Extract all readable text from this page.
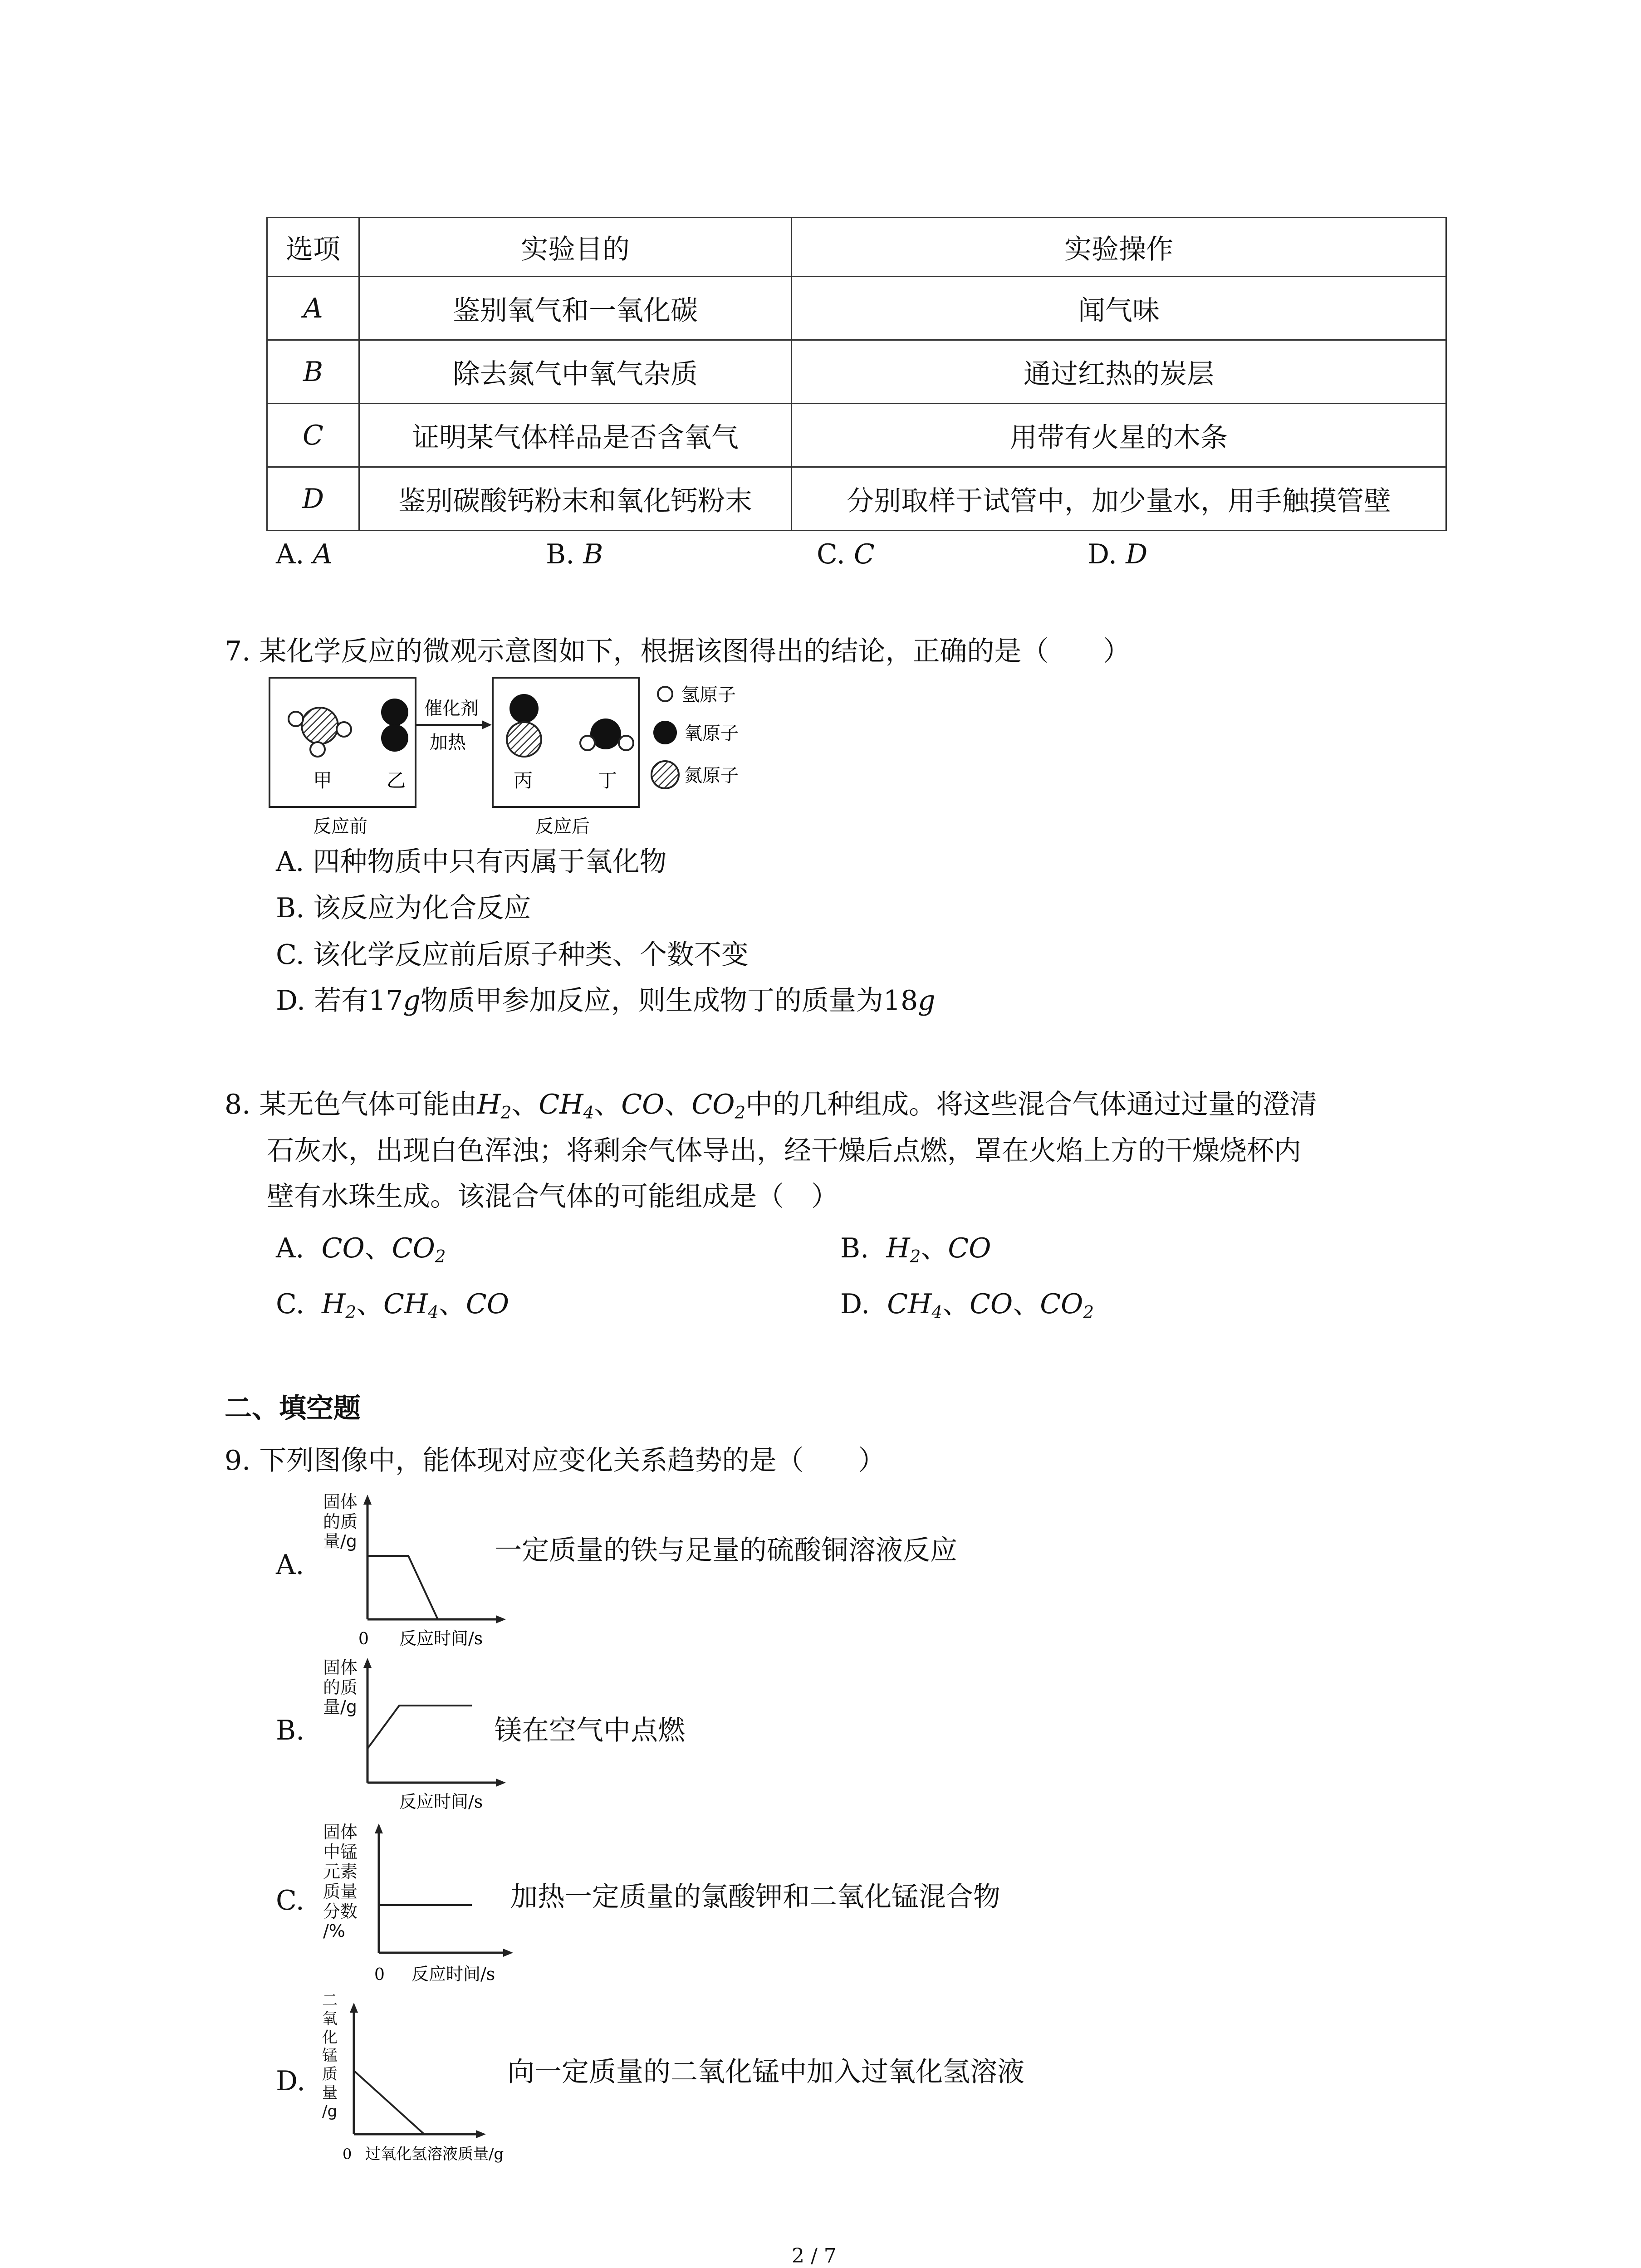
选项	实验目的	实验操作
A	鉴别氧气和一氧化碳	闻气味
B	除去氮气中氧气杂质	通过红热的炭层
C	证明某气体样品是否含氧气	用带有火星的木条
D	鉴别碳酸钙粉末和氧化钙粉末	分别取样于试管中，加少量水，用手触摸管壁
A. A	B. B	C. C	D. D
7. 某化学反应的微观示意图如下，根据该图得出的结论，正确的是（　　）
甲	乙
催化剂
加热
丙	丁
反应前	反应后
氢原子
氧原子
氮原子
A. 四种物质中只有丙属于氧化物
B. 该反应为化合反应
C. 该化学反应前后原子种类、个数不变
D. 若有17g物质甲参加反应，则生成物丁的质量为18g
8. 某无色气体可能由$H_2$、$CH_4$、CO、$CO_2$中的几种组成。将这些混合气体通过过量的澄清
石灰水，出现白色浑浊；将剩余气体导出，经干燥后点燃，罩在火焰上方的干燥烧杯内
壁有水珠生成。该混合气体的可能组成是（　）
A. CO、$CO_2$	B. $H_2$、CO
C. $H_2$、$CH_4$、CO	D. $CH_4$、CO、$CO_2$
二、填空题
9. 下列图像中，能体现对应变化关系趋势的是（　　）
A.
固体
的质
量/g
0 反应时间/s
一定质量的铁与足量的硫酸铜溶液反应
B.
固体
的质
量/g
反应时间/s
镁在空气中点燃
C.
固体
中锰
元素
质量
分数
/%
0 反应时间/s
加热一定质量的氯酸钾和二氧化锰混合物
D.
二
氧
化
锰
质
量
/g
0 过氧化氢溶液质量/g
向一定质量的二氧化锰中加入过氧化氢溶液
2 / 7
